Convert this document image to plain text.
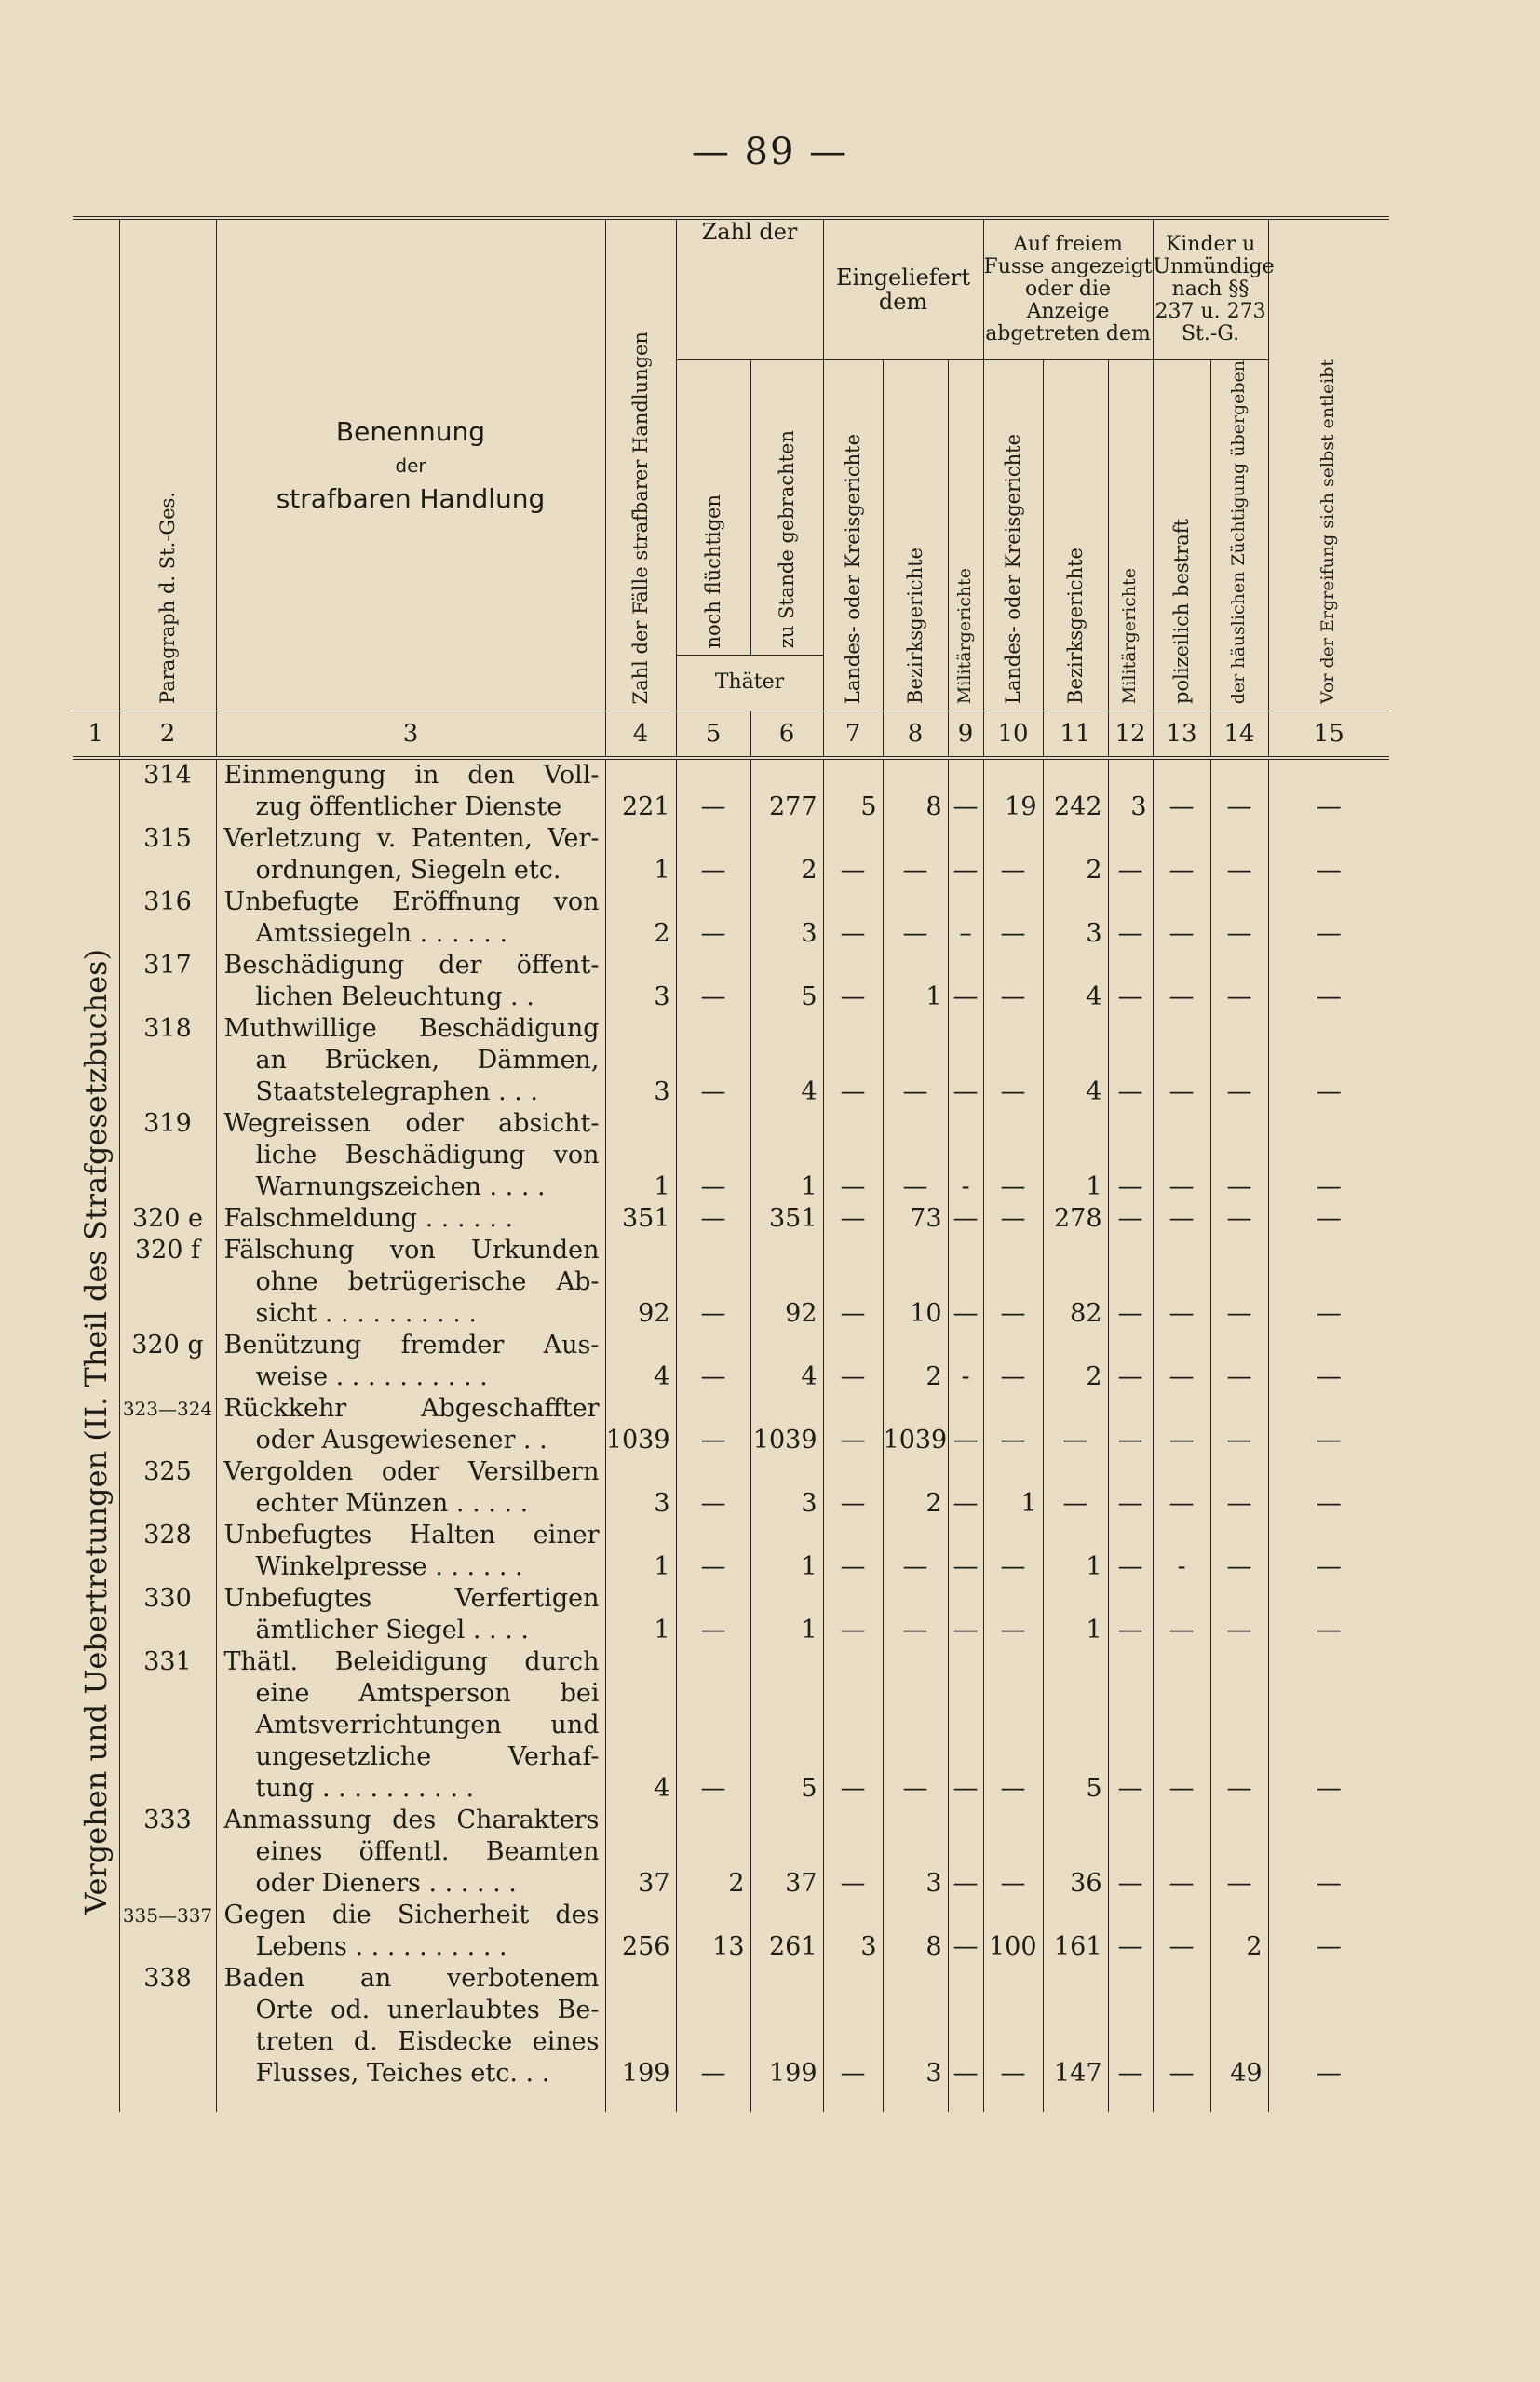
— 89 —
	Paragraph d. St.-Ges.	Benennung
der
strafbaren Handlung	Zahl der Fälle strafbarer Handlungen	Zahl der		Eingeliefert dem			Auf freiem Fusse angezeigt oder die Anzeige abgetreten dem			Kinder u Unmündige nach §§ 237 u. 273 St.-G.		Vor der Ergreifung sich selbst entleibt
				noch flüchtigen	zu Stande gebrachten	Landes- oder Kreisgerichte	Bezirksgerichte	Militärgerichte	Landes- oder Kreisgerichte	Bezirksgerichte	Militärgerichte	polizeilich bestraft	der häuslichen Züchtigung übergeben	
				Thäter										
1	2	3	4	5	6	7	8	9	10	11	12	13	14	15
Vergehen und Uebertretungen (II. Theil des Strafgesetzbuches)	314	Einmengung in den Voll-
zug öffentlicher Dienste	221	—	277	5	8	—	19	242	3	—	—	—
	315	Verletzung v. Patenten, Ver-
ordnungen, Siegeln etc.	1	—	2	—	—	—	—	2	—	—	—	—
	316	Unbefugte Eröffnung von
Amtssiegeln . . . . . .	2	—	3	—	—	–	—	3	—	—	—	—
	317	Beschädigung der öffent-
lichen Beleuchtung . .	3	—	5	—	1	—	—	4	—	—	—	—
	318	Muthwillige Beschädigung
an Brücken, Dämmen,
Staatstelegraphen . . .	3	—	4	—	—	—	—	4	—	—	—	—
	319	Wegreissen oder absicht-
liche Beschädigung von
Warnungszeichen . . . .	1	—	1	—	—	-	—	1	—	—	—	—
	320 e	Falschmeldung . . . . . .	351	—	351	—	73	—	—	278	—	—	—	—
	320 f	Fälschung von Urkunden
ohne betrügerische Ab-
sicht . . . . . . . . . .	92	—	92	—	10	—	—	82	—	—	—	—
	320 g	Benützung fremder Aus-
weise . . . . . . . . . .	4	—	4	—	2	-	—	2	—	—	—	—
	323—324	Rückkehr Abgeschaffter
oder Ausgewiesener . .	1039	—	1039	—	1039	—	—	—	—	—	—	—
	325	Vergolden oder Versilbern
echter Münzen . . . . .	3	—	3	—	2	—	1	—	—	—	—	—
	328	Unbefugtes Halten einer
Winkelpresse . . . . . .	1	—	1	—	—	—	—	1	—	-	—	—
	330	Unbefugtes Verfertigen
ämtlicher Siegel . . . .	1	—	1	—	—	—	—	1	—	—	—	—
	331	Thätl. Beleidigung durch
eine Amtsperson bei
Amtsverrichtungen und
ungesetzliche Verhaf-
tung . . . . . . . . . .	4	—	5	—	—	—	—	5	—	—	—	—
	333	Anmassung des Charakters
eines öffentl. Beamten
oder Dieners . . . . . .	37	2	37	—	3	—	—	36	—	—	—	—
	335—337	Gegen die Sicherheit des
Lebens . . . . . . . . . .	256	13	261	3	8	—	100	161	—	—	2	—
	338	Baden an verbotenem
Orte od. unerlaubtes Be-
treten d. Eisdecke eines
Flusses, Teiches etc. . .	199	—	199	—	3	—	—	147	—	—	49	—
